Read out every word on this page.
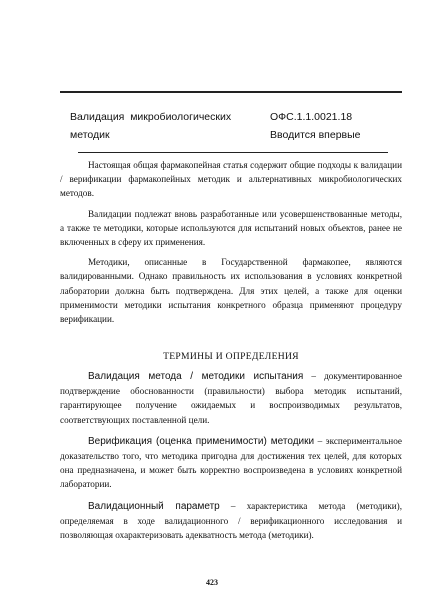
Валидация  микробиологических
методик
ОФС.1.1.0021.18
Вводится впервые

Настоящая общая фармакопейная статья содержит общие подходы к валидации / верификации фармакопейных методик и альтернативных микробиологических методов.

Валидации подлежат вновь разработанные или усовершенствованные методы, а также те методики, которые используются для испытаний новых объектов, ранее не включенных в сферу их применения.

Методики, описанные в Государственной фармакопее, являются валидированными. Однако правильность их использования в условиях конкретной лаборатории должна быть подтверждена. Для этих целей, а также для оценки применимости методики испытания конкретного образца применяют процедуру верификации.

ТЕРМИНЫ И ОПРЕДЕЛЕНИЯ

Валидация метода / методики испытания – документированное подтверждение обоснованности (правильности) выбора методик испытаний, гарантирующее получение ожидаемых и воспроизводимых результатов, соответствующих поставленной цели.

Верификация (оценка применимости) методики – экспериментальное доказательство того, что методика пригодна для достижения тех целей, для которых она предназначена, и может быть корректно воспроизведена в условиях конкретной лаборатории.

Валидационный параметр – характеристика метода (методики), определяемая в ходе валидационного / верификационного исследования и позволяющая охарактеризовать адекватность метода (методики).

423
